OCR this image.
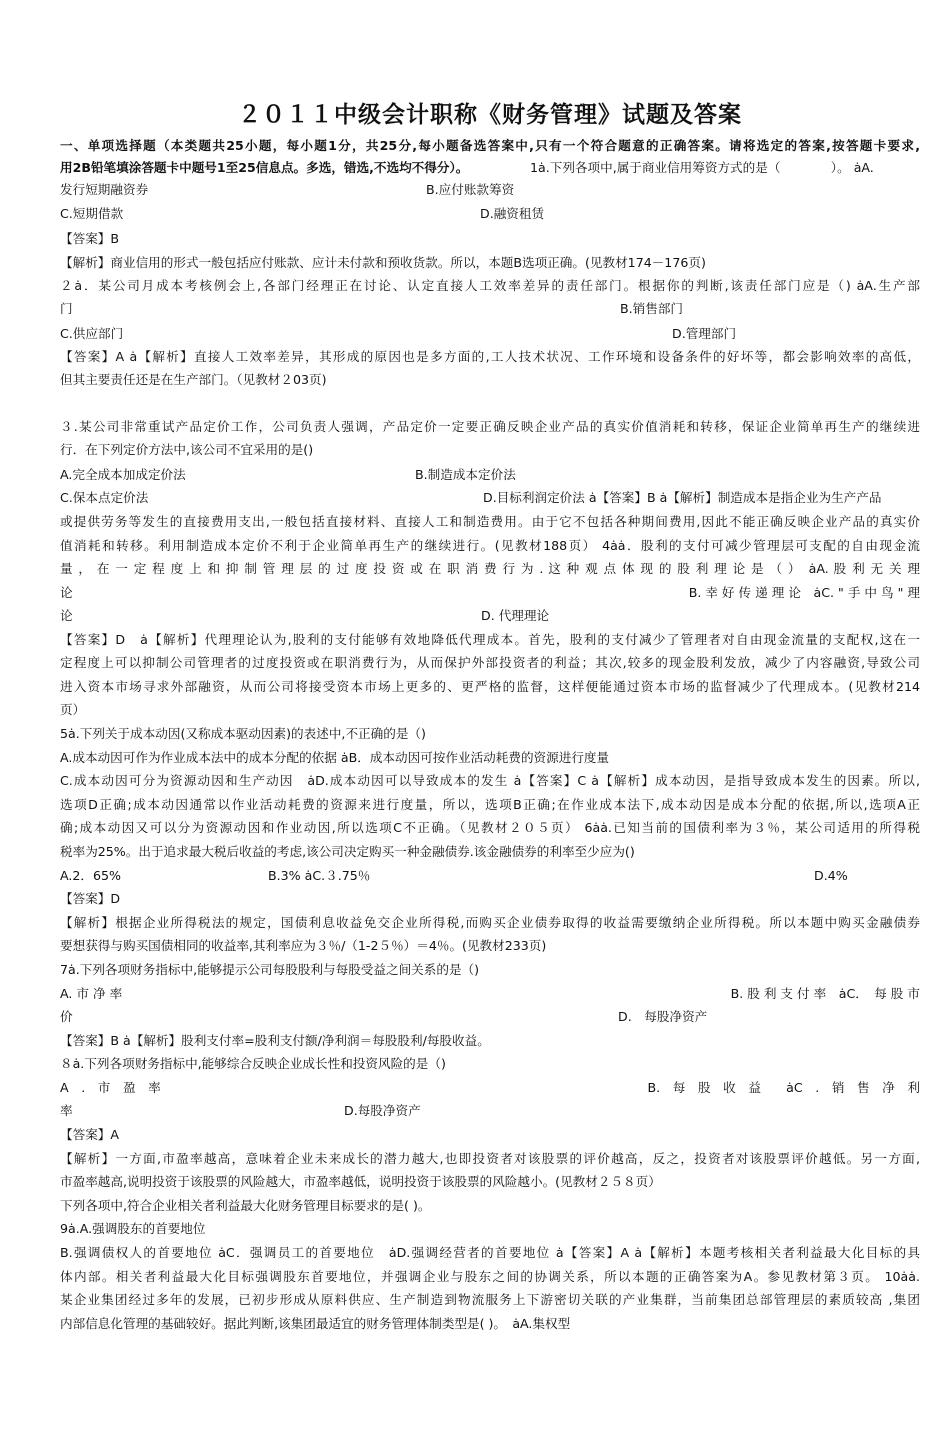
２０１１中级会计职称《财务管理》试题及答案
一、单项选择题（本类题共25小题，每小题1分，共25分,每小题备选答案中,只有一个符合题意的正确答案。请将选定的答案,按答题卡要求,
用2B铅笔填涂答题卡中题号1至25信息点。多选，错选,不选均不得分）。	1ȧ.下列各项中,属于商业信用筹资方式的是（　　　　）。 ȧA.
发行短期融资券	B.应付账款筹资
C.短期借款	D.融资租赁
【答案】B
【解析】商业信用的形式一般包括应付账款、应计未付款和预收货款。所以，本题B选项正确。(见教材174－176页)
２ȧ．某公司月成本考核例会上,各部门经理正在讨论、认定直接人工效率差异的责任部门。根据你的判断,该责任部门应是（) ȧA.生产部
门	B.销售部门
C.供应部门	D.管理部门
【答案】A ȧ【解析】直接人工效率差异，其形成的原因也是多方面的,工人技术状况、工作环境和设备条件的好坏等，都会影响效率的高低，
但其主要责任还是在生产部门。（见教材２03页)
３.某公司非常重试产品定价工作，公司负责人强调，产品定价一定要正确反映企业产品的真实价值消耗和转移，保证企业简单再生产的继续进
行．在下列定价方法中,该公司不宜采用的是()
A.完全成本加成定价法	B.制造成本定价法
C.保本点定价法	D.目标利润定价法 ȧ【答案】B ȧ【解析】制造成本是指企业为生产产品
或提供劳务等发生的直接费用支出,一般包括直接材料、直接人工和制造费用。由于它不包括各种期间费用,因此不能正确反映企业产品的真实价
值消耗和转移。利用制造成本定价不利于企业简单再生产的继续进行。(见教材188页） 4ȧȧ．股利的支付可减少管理层可支配的自由现金流
量 ， 在 一 定 程 度 上 和 抑 制 管 理 层 的 过 度 投 资 或 在 职 消 费 行 为 . 这 种 观 点 体 现 的 股 利 理 论 是 （ ）　ȧA. 股 利 无 关 理
论	B. 幸 好 传 递 理 论　ȧC. " 手 中 鸟 " 理
论	D. 代理理论
【答案】D　ȧ【解析】代理理论认为,股利的支付能够有效地降低代理成本。首先，股利的支付减少了管理者对自由现金流量的支配权,这在一
定程度上可以抑制公司管理者的过度投资或在职消费行为，从而保护外部投资者的利益；其次,较多的现金股利发放，减少了内容融资,导致公司
进入资本市场寻求外部融资，从而公司将接受资本市场上更多的、更严格的监督，这样便能通过资本市场的监督减少了代理成本。(见教材214
页）
5ȧ.下列关于成本动因(又称成本驱动因素)的表述中,不正确的是（)
A.成本动因可作为作业成本法中的成本分配的依据 ȧB．成本动因可按作业活动耗费的资源进行度量
C.成本动因可分为资源动因和生产动因　ȧD.成本动因可以导致成本的发生 ȧ【答案】C ȧ【解析】成本动因，是指导致成本发生的因素。所以,
选项D正确;成本动因通常以作业活动耗费的资源来进行度量，所以，选项B正确;在作业成本法下,成本动因是成本分配的依据,所以,选项A正
确;成本动因又可以分为资源动因和作业动因,所以选项C不正确。（见教材２０５页） 6ȧȧ.已知当前的国债利率为３％，某公司适用的所得税
税率为25%。出于追求最大税后收益的考虑,该公司决定购买一种金融债券.该金融债券的利率至少应为()
A.2．65%	B.3% ȧC.３.75％	D.4%
【答案】D
【解析】根据企业所得税法的规定，国债利息收益免交企业所得税,而购买企业债券取得的收益需要缴纳企业所得税。所以本题中购买金融债券
要想获得与购买国债相同的收益率,其利率应为３％/（1-2５％）＝4％。(见教材233页)
7ȧ.下列各项财务指标中,能够提示公司每股股利与每股受益之间关系的是（)
A. 市 净 率	B. 股 利 支 付 率　ȧC．　每 股 市
价	D.　每股净资产
【答案】B ȧ【解析】股利支付率=股利支付额/净利润＝每股股利/每股收益。
８ȧ.下列各项财务指标中,能够综合反映企业成长性和投资风险的是（)
A　.　市　盈　率	B.　每　股　收　益　　ȧC　.　销　售　净　利
率	D.每股净资产
【答案】A
【解析】一方面,市盈率越高，意味着企业未来成长的潜力越大,也即投资者对该股票的评价越高，反之，投资者对该股票评价越低。另一方面,
市盈率越高,说明投资于该股票的风险越大，市盈率越低，说明投资于该股票的风险越小。(见教材２５８页）
下列各项中,符合企业相关者利益最大化财务管理目标要求的是( )。
9ȧ.A.强调股东的首要地位
B.强调债权人的首要地位 ȧC．强调员工的首要地位　ȧD.强调经营者的首要地位 ȧ【答案】A ȧ【解析】本题考核相关者利益最大化目标的具
体内部。相关者利益最大化目标强调股东首要地位，并强调企业与股东之间的协调关系，所以本题的正确答案为A。参见教材第３页。 10ȧȧ.
某企业集团经过多年的发展，已初步形成从原料供应、生产制造到物流服务上下游密切关联的产业集群，当前集团总部管理层的素质较高 ,集团
内部信息化管理的基础较好。据此判断,该集团最适宜的财务管理体制类型是( )。　ȧA.集权型
